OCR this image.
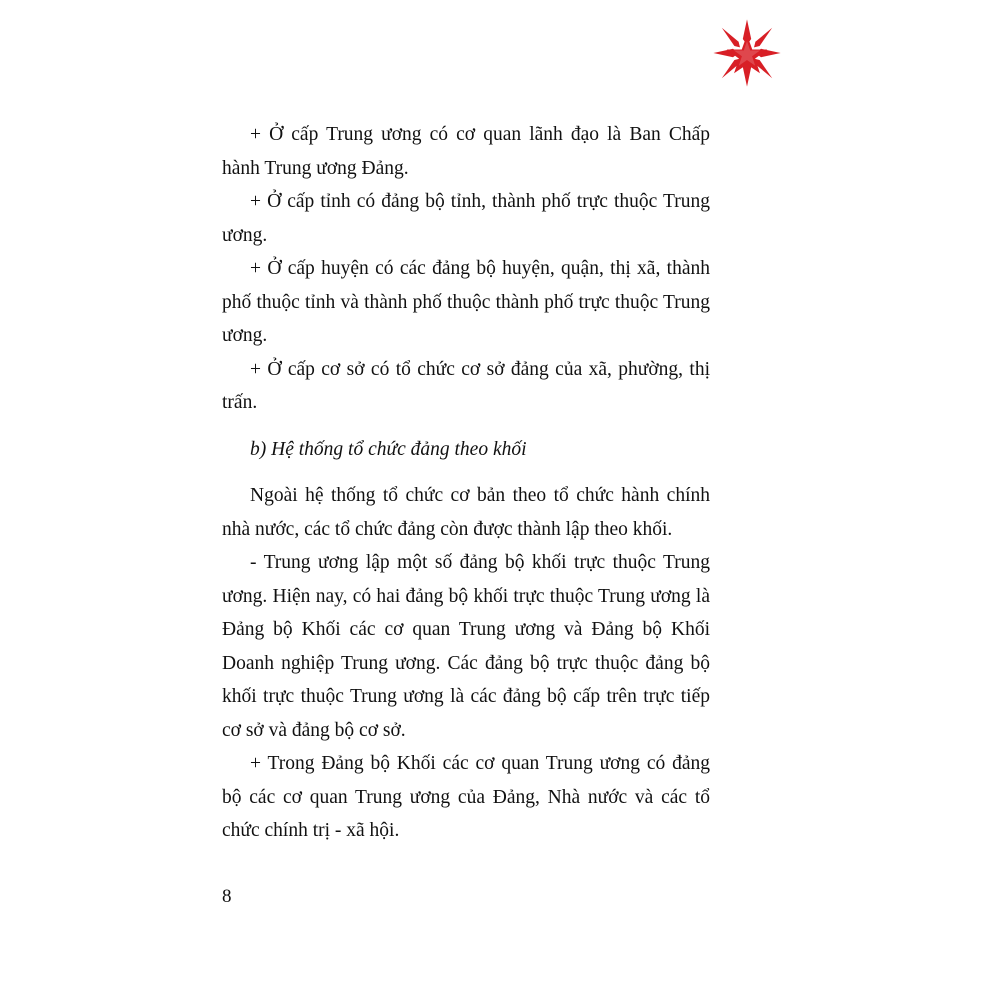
+ Ở cấp Trung ương có cơ quan lãnh đạo là Ban Chấp hành Trung ương Đảng.

+ Ở cấp tỉnh có đảng bộ tỉnh, thành phố trực thuộc Trung ương.

+ Ở cấp huyện có các đảng bộ huyện, quận, thị xã, thành phố thuộc tỉnh và thành phố thuộc thành phố trực thuộc Trung ương.

+ Ở cấp cơ sở có tổ chức cơ sở đảng của xã, phường, thị trấn.

b) Hệ thống tổ chức đảng theo khối

Ngoài hệ thống tổ chức cơ bản theo tổ chức hành chính nhà nước, các tổ chức đảng còn được thành lập theo khối.

- Trung ương lập một số đảng bộ khối trực thuộc Trung ương. Hiện nay, có hai đảng bộ khối trực thuộc Trung ương là Đảng bộ Khối các cơ quan Trung ương và Đảng bộ Khối Doanh nghiệp Trung ương. Các đảng bộ trực thuộc đảng bộ khối trực thuộc Trung ương là các đảng bộ cấp trên trực tiếp cơ sở và đảng bộ cơ sở.

+ Trong Đảng bộ Khối các cơ quan Trung ương có đảng bộ các cơ quan Trung ương của Đảng, Nhà nước và các tổ chức chính trị - xã hội.

8
